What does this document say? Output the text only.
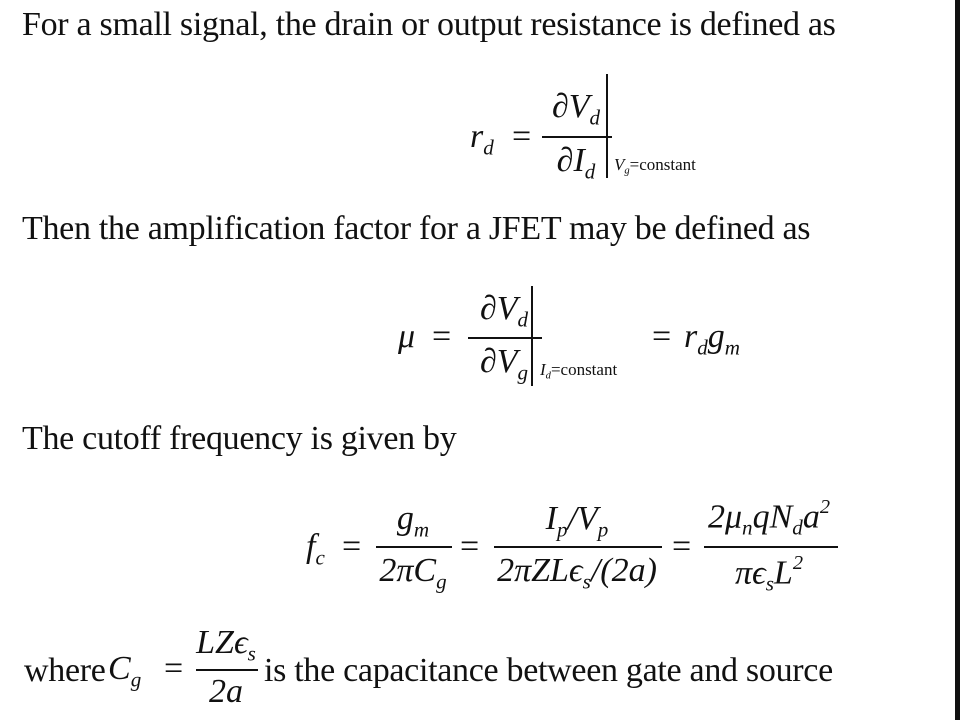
For a small signal, the drain or output resistance is defined as
$r_d$ =
$\partial V_d$
$\partial I_d$	$V_g=constant$
Then the amplification factor for a JFET may be defined as
μ =
$\partial V_d$
$\partial V_g$ $I_d=constant$
= $r_dg_m$
The cutoff frequency is given by
$f_c$ =
$g_m$
$2\pi C_g$
=
$I_p/V_p$
2πZLϵ$_s$/(2a)
=
$2\mu_nqN_da^2$
$\pi\epsilon_sL^2$
where $C_g$ =
LZϵ$_s$
2a
is the capacitance between gate and source
